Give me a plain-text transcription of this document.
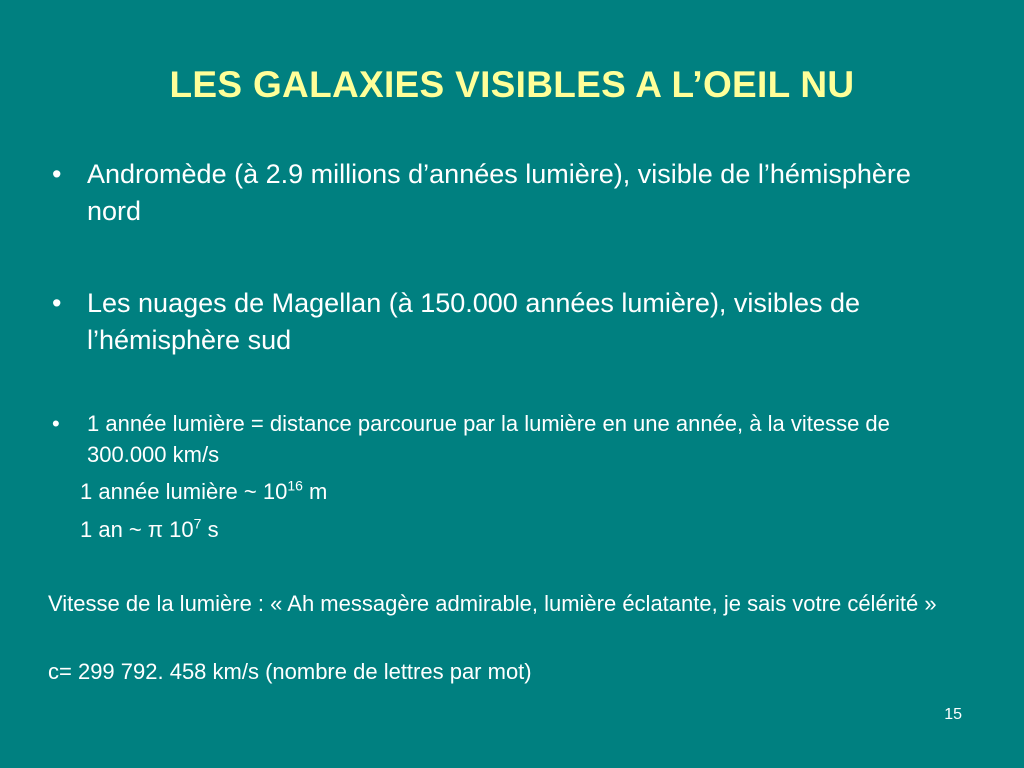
LES GALAXIES VISIBLES A L’OEIL NU
• Andromède (à 2.9 millions d’années lumière), visible de l’hémisphère nord
• Les nuages de Magellan (à 150.000 années lumière), visibles de l’hémisphère sud
• 1 année lumière = distance parcourue par la lumière en une année, à la vitesse de 300.000 km/s
1 année lumière ~ $10^{16}$ m
1 an ~ π $10^7$ s
Vitesse de la lumière : « Ah messagère admirable, lumière éclatante, je sais votre célérité »
c= 299 792. 458 km/s (nombre de lettres par mot)
15
